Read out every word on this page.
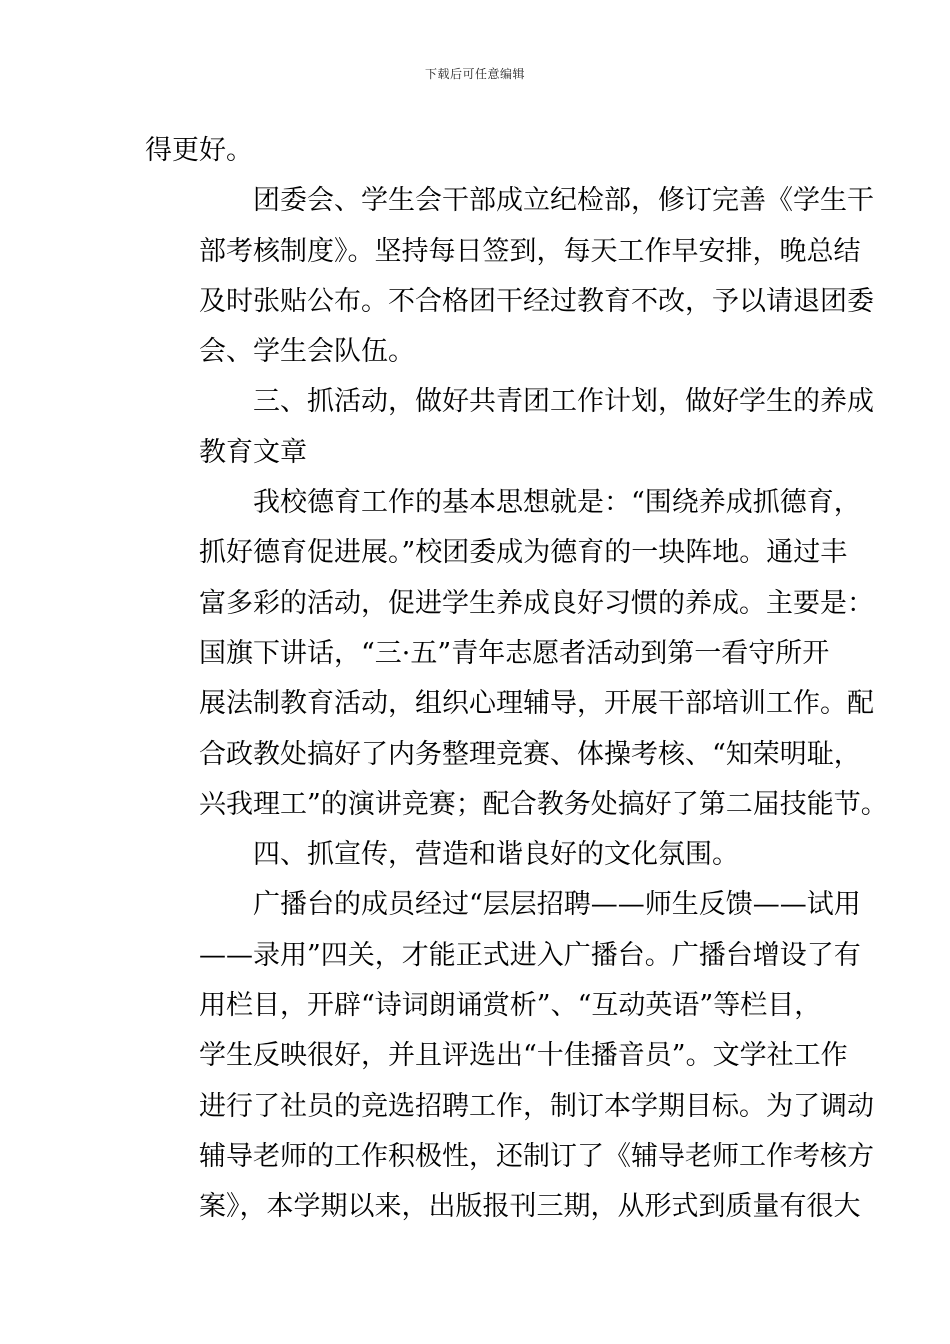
下载后可任意编辑
得更好。
团委会、学生会干部成立纪检部，修订完善《学生干
部考核制度》。坚持每日签到，每天工作早安排，晚总结
及时张贴公布。不合格团干经过教育不改，予以请退团委
会、学生会队伍。
三、抓活动，做好共青团工作计划，做好学生的养成
教育文章
我校德育工作的基本思想就是：“围绕养成抓德育，
抓好德育促进展。”校团委成为德育的一块阵地。通过丰
富多彩的活动，促进学生养成良好习惯的养成。主要是：
国旗下讲话，“三·五”青年志愿者活动到第一看守所开
展法制教育活动，组织心理辅导，开展干部培训工作。配
合政教处搞好了内务整理竞赛、体操考核、“知荣明耻，
兴我理工”的演讲竞赛；配合教务处搞好了第二届技能节。
四、抓宣传，营造和谐良好的文化氛围。
广播台的成员经过“层层招聘——师生反馈——试用
——录用”四关，才能正式进入广播台。广播台增设了有
用栏目，开辟“诗词朗诵赏析”、“互动英语”等栏目，
学生反映很好，并且评选出“十佳播音员”。文学社工作
进行了社员的竞选招聘工作，制订本学期目标。为了调动
辅导老师的工作积极性，还制订了《辅导老师工作考核方
案》，本学期以来，出版报刊三期，从形式到质量有很大
